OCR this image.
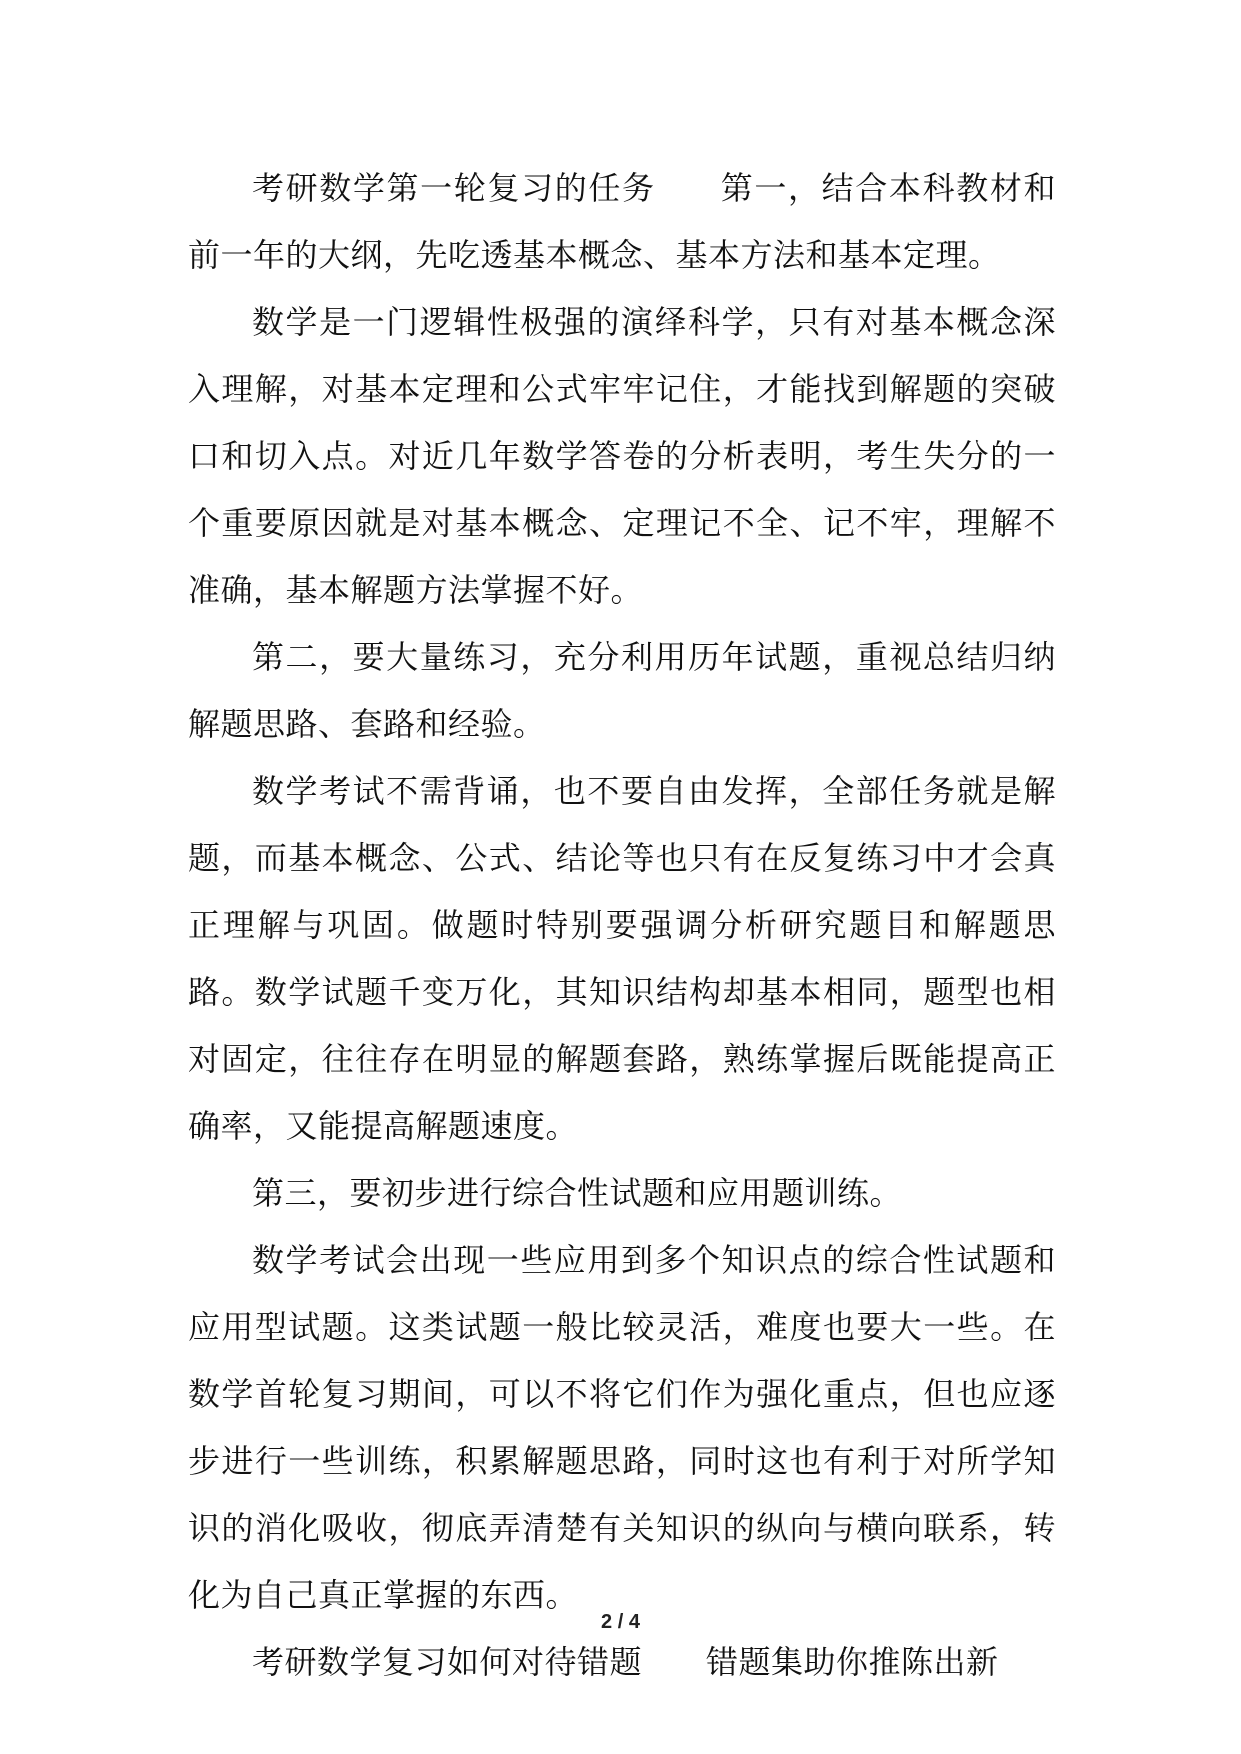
考研数学第一轮复习的任务 第一，结合本科教材和前一年的大纲，先吃透基本概念、基本方法和基本定理。

数学是一门逻辑性极强的演绎科学，只有对基本概念深入理解，对基本定理和公式牢牢记住，才能找到解题的突破口和切入点。对近几年数学答卷的分析表明，考生失分的一个重要原因就是对基本概念、定理记不全、记不牢，理解不准确，基本解题方法掌握不好。

第二，要大量练习，充分利用历年试题，重视总结归纳解题思路、套路和经验。

数学考试不需背诵，也不要自由发挥，全部任务就是解题，而基本概念、公式、结论等也只有在反复练习中才会真正理解与巩固。做题时特别要强调分析研究题目和解题思路。数学试题千变万化，其知识结构却基本相同，题型也相对固定，往往存在明显的解题套路，熟练掌握后既能提高正确率，又能提高解题速度。

第三，要初步进行综合性试题和应用题训练。

数学考试会出现一些应用到多个知识点的综合性试题和应用型试题。这类试题一般比较灵活，难度也要大一些。在数学首轮复习期间，可以不将它们作为强化重点，但也应逐步进行一些训练，积累解题思路，同时这也有利于对所学知识的消化吸收，彻底弄清楚有关知识的纵向与横向联系，转化为自己真正掌握的东西。

考研数学复习如何对待错题 错题集助你推陈出新

2 / 4
